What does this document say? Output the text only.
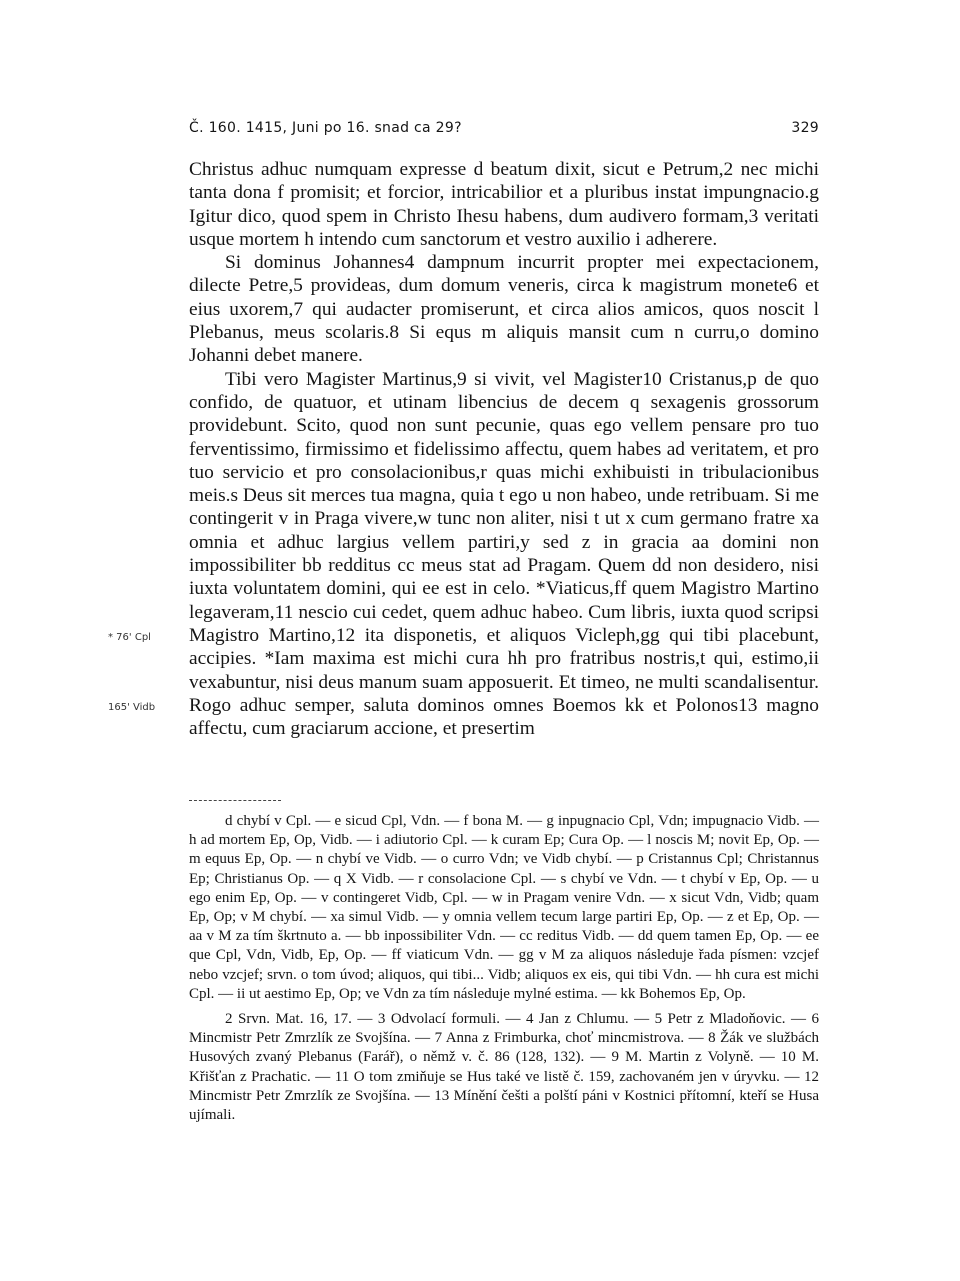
Č. 160. 1415, Juni po 16. snad ca 29?	329

Christus adhuc numquam expresse d beatum dixit, sicut e Petrum,2 nec michi tanta dona f promisit; et forcior, intricabilior et a pluribus instat impungnacio.g Igitur dico, quod spem in Christo Ihesu habens, dum audivero formam,3 veritati usque mortem h intendo cum sanctorum et vestro auxilio i adherere.

Si dominus Johannes4 dampnum incurrit propter mei expectacionem, dilecte Petre,5 provideas, dum domum veneris, circa k magistrum monete6 et eius uxorem,7 qui audacter promiserunt, et circa alios amicos, quos noscit l Plebanus, meus scolaris.8 Si equs m aliquis mansit cum n curru,o domino Johanni debet manere.

Tibi vero Magister Martinus,9 si vivit, vel Magister10 Cristanus,p de quo confido, de quatuor, et utinam libencius de decem q sexagenis grossorum providebunt. Scito, quod non sunt pecunie, quas ego vellem pensare pro tuo ferventissimo, firmissimo et fidelissimo affectu, quem habes ad veritatem, et pro tuo servicio et pro consolacionibus,r quas michi exhibuisti in tribulacionibus meis.s Deus sit merces tua magna, quia t ego u non habeo, unde retribuam. Si me contingerit v in Praga vivere,w tunc non aliter, nisi t ut x cum germano fratre xa omnia et adhuc largius vellem partiri,y sed z in gracia aa domini non impossibiliter bb redditus cc meus stat ad Pragam. Quem dd non desidero, nisi iuxta voluntatem domini, qui ee est in celo. *Viaticus,ff quem Magistro Martino legaveram,11 nescio cui cedet, quem adhuc habeo. Cum libris, iuxta quod scripsi Magistro Martino,12 ita disponetis, et aliquos Vicleph,gg qui tibi placebunt, accipies. *Iam maxima est michi cura hh pro fratribus nostris,t qui, estimo,ii vexabuntur, nisi deus manum suam apposuerit. Et timeo, ne multi scandalisentur. Rogo adhuc semper, saluta dominos omnes Boemos kk et Polonos13 magno affectu, cum graciarum accione, et presertim

* 76' Cpl
165' Vidb

d chybí v Cpl. — e sicud Cpl, Vdn. — f bona M. — g inpugnacio Cpl, Vdn; impugnacio Vidb. — h ad mortem Ep, Op, Vidb. — i adiutorio Cpl. — k curam Ep; Cura Op. — l noscis M; novit Ep, Op. — m equus Ep, Op. — n chybí ve Vidb. — o curro Vdn; ve Vidb chybí. — p Cristannus Cpl; Christannus Ep; Christianus Op. — q X Vidb. — r consolacione Cpl. — s chybí ve Vdn. — t chybí v Ep, Op. — u ego enim Ep, Op. — v contingeret Vidb, Cpl. — w in Pragam venire Vdn. — x sicut Vdn, Vidb; quam Ep, Op; v M chybí. — xa simul Vidb. — y omnia vellem tecum large partiri Ep, Op. — z et Ep, Op. — aa v M za tím škrtnuto a. — bb inpossibiliter Vdn. — cc reditus Vidb. — dd quem tamen Ep, Op. — ee que Cpl, Vdn, Vidb, Ep, Op. — ff viaticum Vdn. — gg v M za aliquos následuje řada písmen: vzcjef nebo vzcjef; srvn. o tom úvod; aliquos, qui tibi... Vidb; aliquos ex eis, qui tibi Vdn. — hh cura est michi Cpl. — ii ut aestimo Ep, Op; ve Vdn za tím následuje mylné estima. — kk Bohemos Ep, Op.

2 Srvn. Mat. 16, 17. — 3 Odvolací formuli. — 4 Jan z Chlumu. — 5 Petr z Mladoňovic. — 6 Mincmistr Petr Zmrzlík ze Svojšína. — 7 Anna z Frimburka, choť mincmistrova. — 8 Žák ve službách Husových zvaný Plebanus (Farář), o němž v. č. 86 (128, 132). — 9 M. Martin z Volyně. — 10 M. Křišťan z Prachatic. — 11 O tom zmiňuje se Hus také ve listě č. 159, zachovaném jen v úryvku. — 12 Mincmistr Petr Zmrzlík ze Svojšína. — 13 Mínění češti a polští páni v Kostnici přítomní, kteří se Husa ujímali.
